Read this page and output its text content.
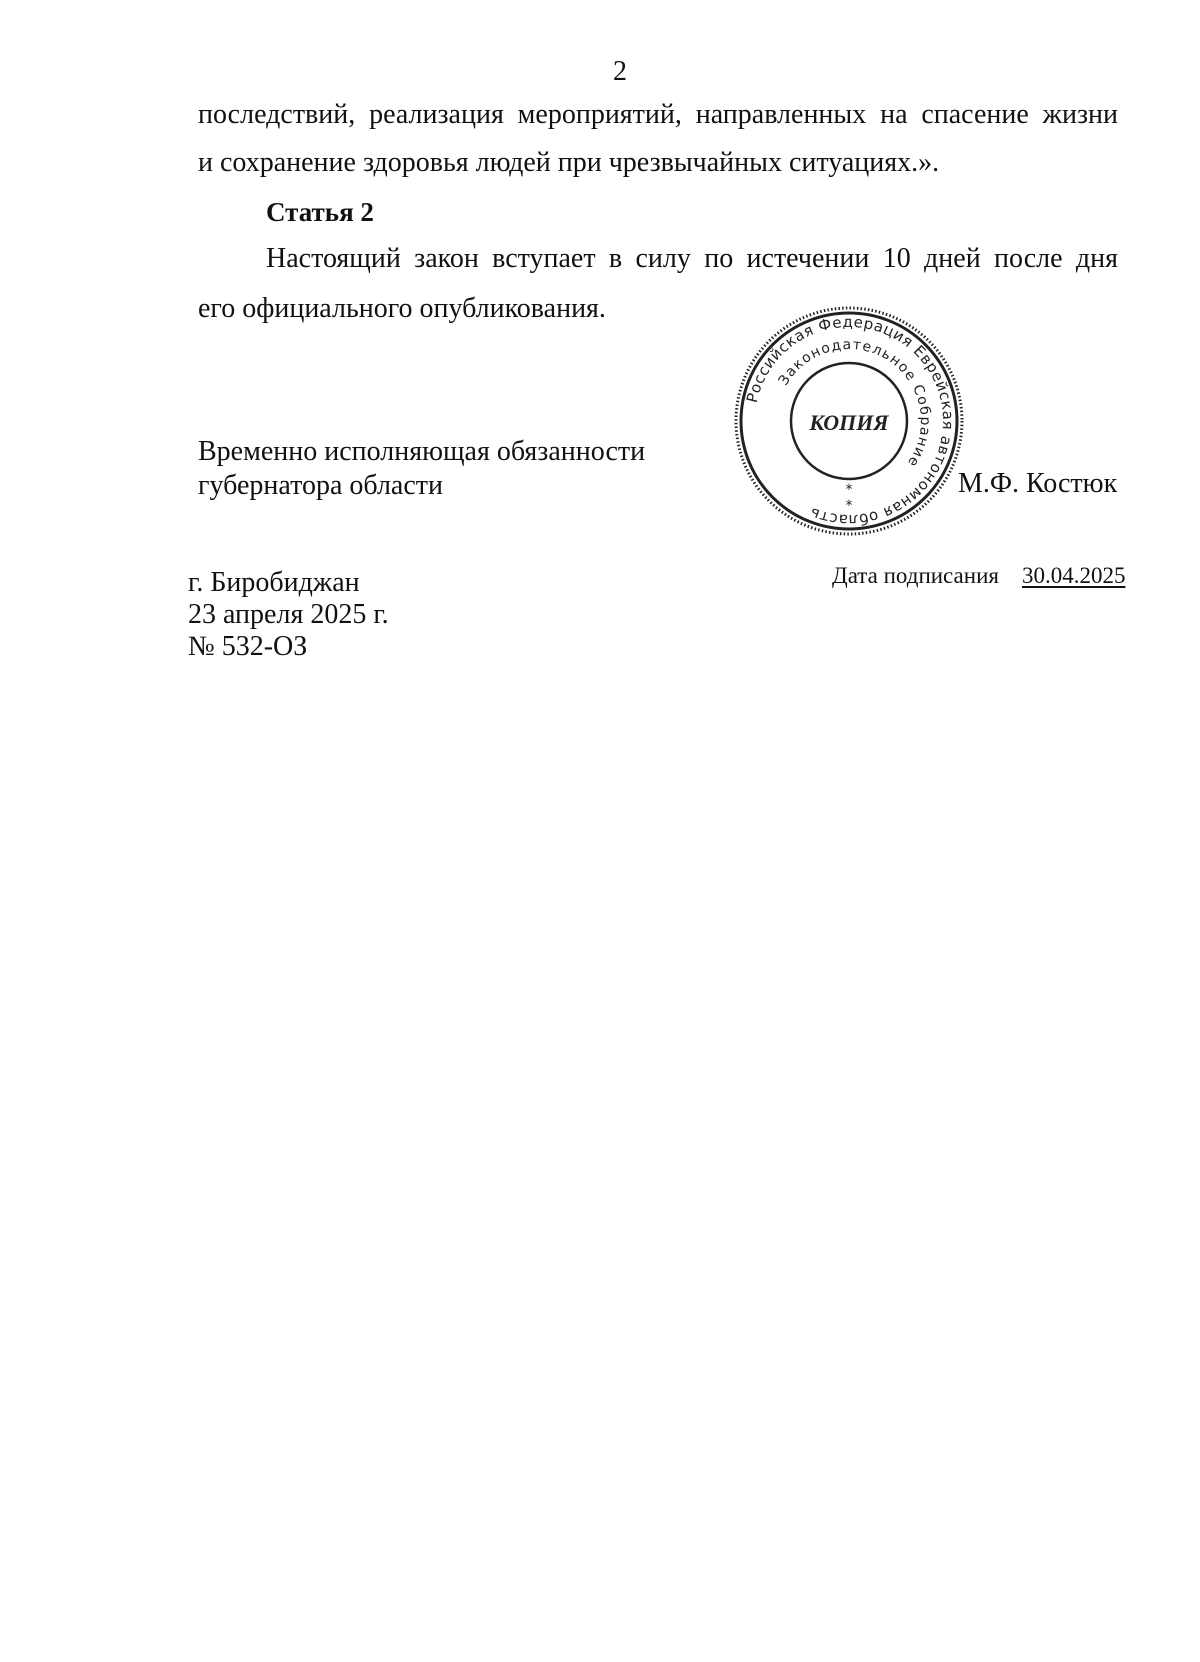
2
последствий, реализация мероприятий, направленных на спасение жизни
и сохранение здоровья людей при чрезвычайных ситуациях.».
Статья 2
Настоящий закон вступает в силу по истечении 10 дней после дня
его официального опубликования.
Временно исполняющая обязанности
губернатора области	М.Ф. Костюк
Российская Федерация Еврейская автономная область
Законодательное Собрание
КОПИЯ
*
*
г. Биробиджан
23 апреля 2025 г.
№ 532-ОЗ
Дата подписания 30.04.2025
